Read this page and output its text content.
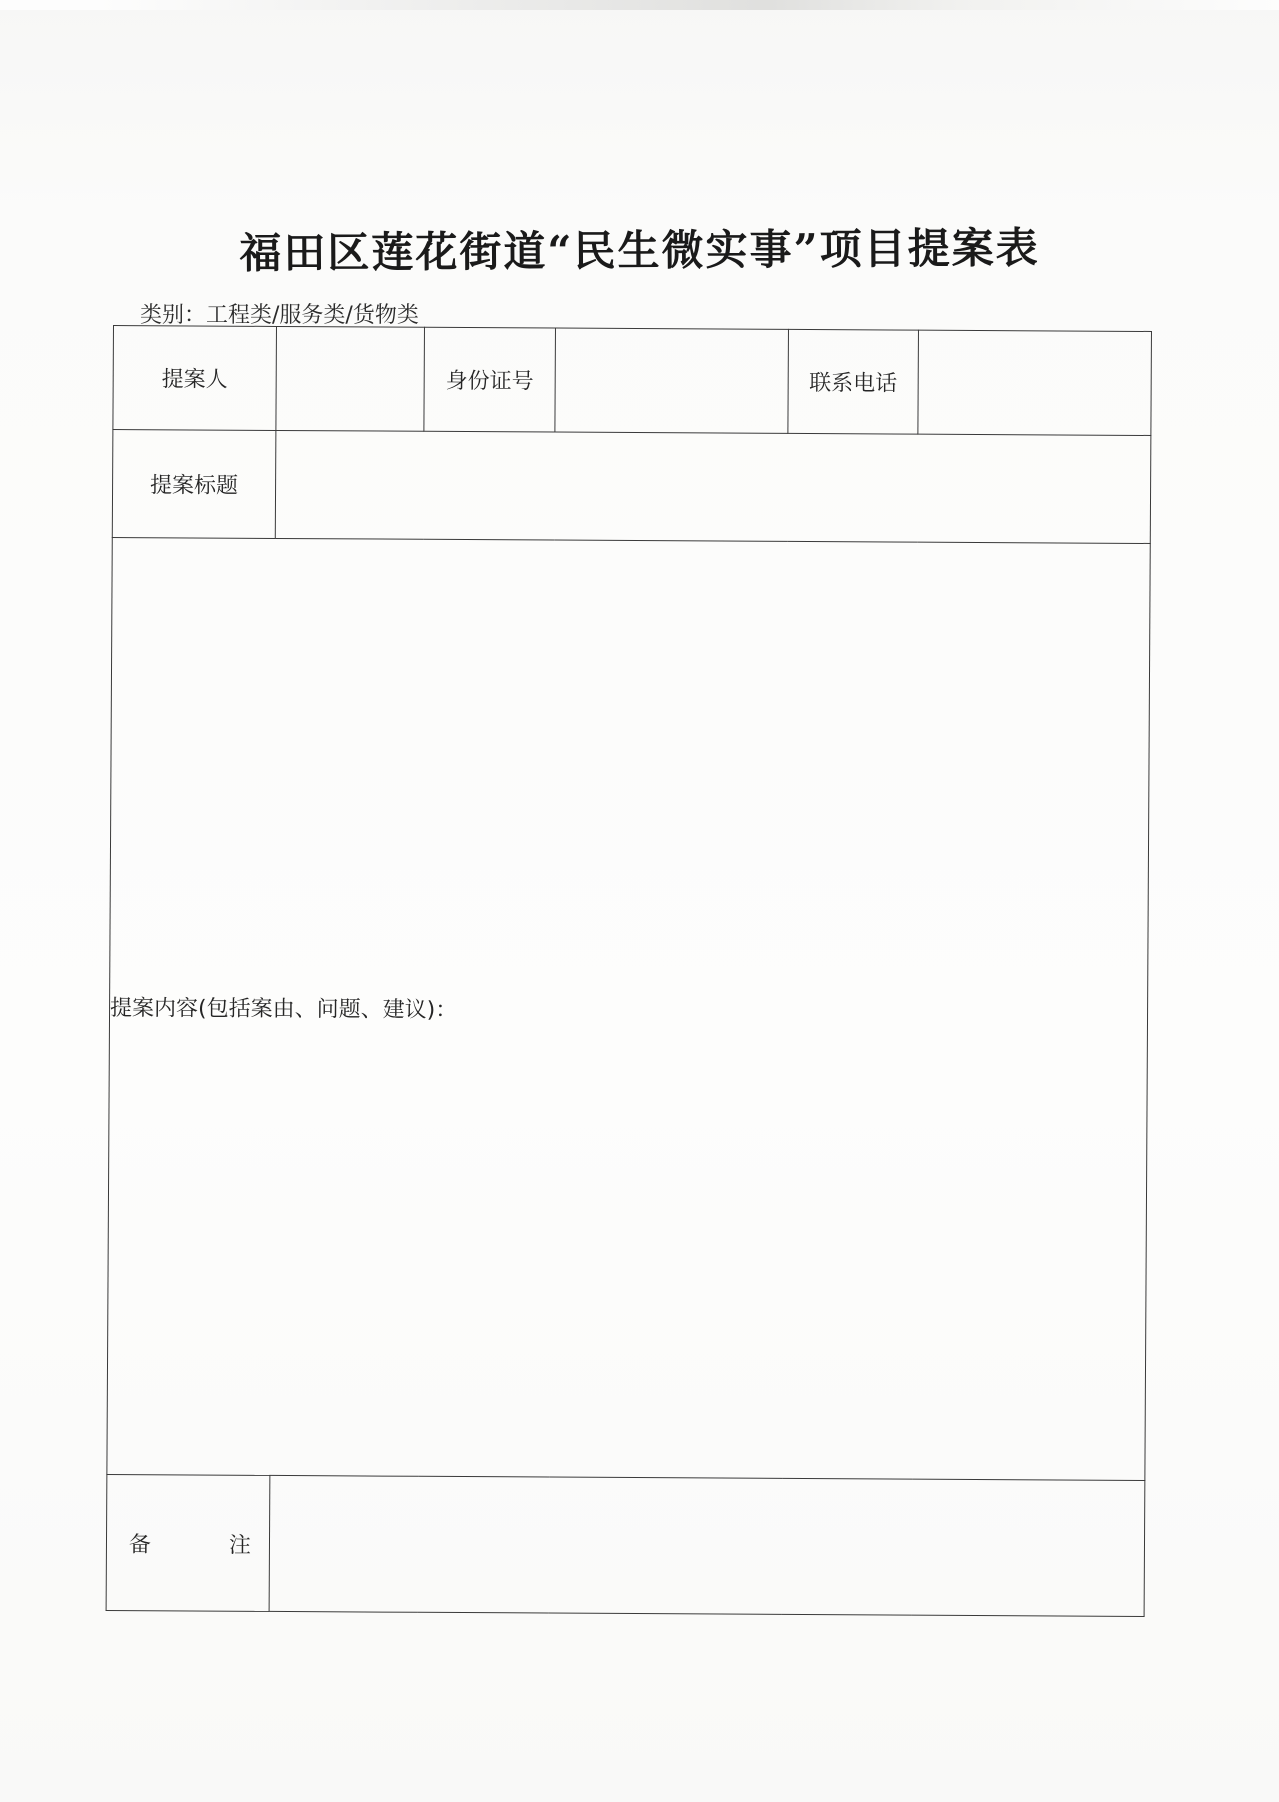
福田区莲花街道“民生微实事”项目提案表
类别：工程类/服务类/货物类
提案人		身份证号		联系电话	
提案标题					
提案内容(包括案由、问题、建议)：					

备 注					
